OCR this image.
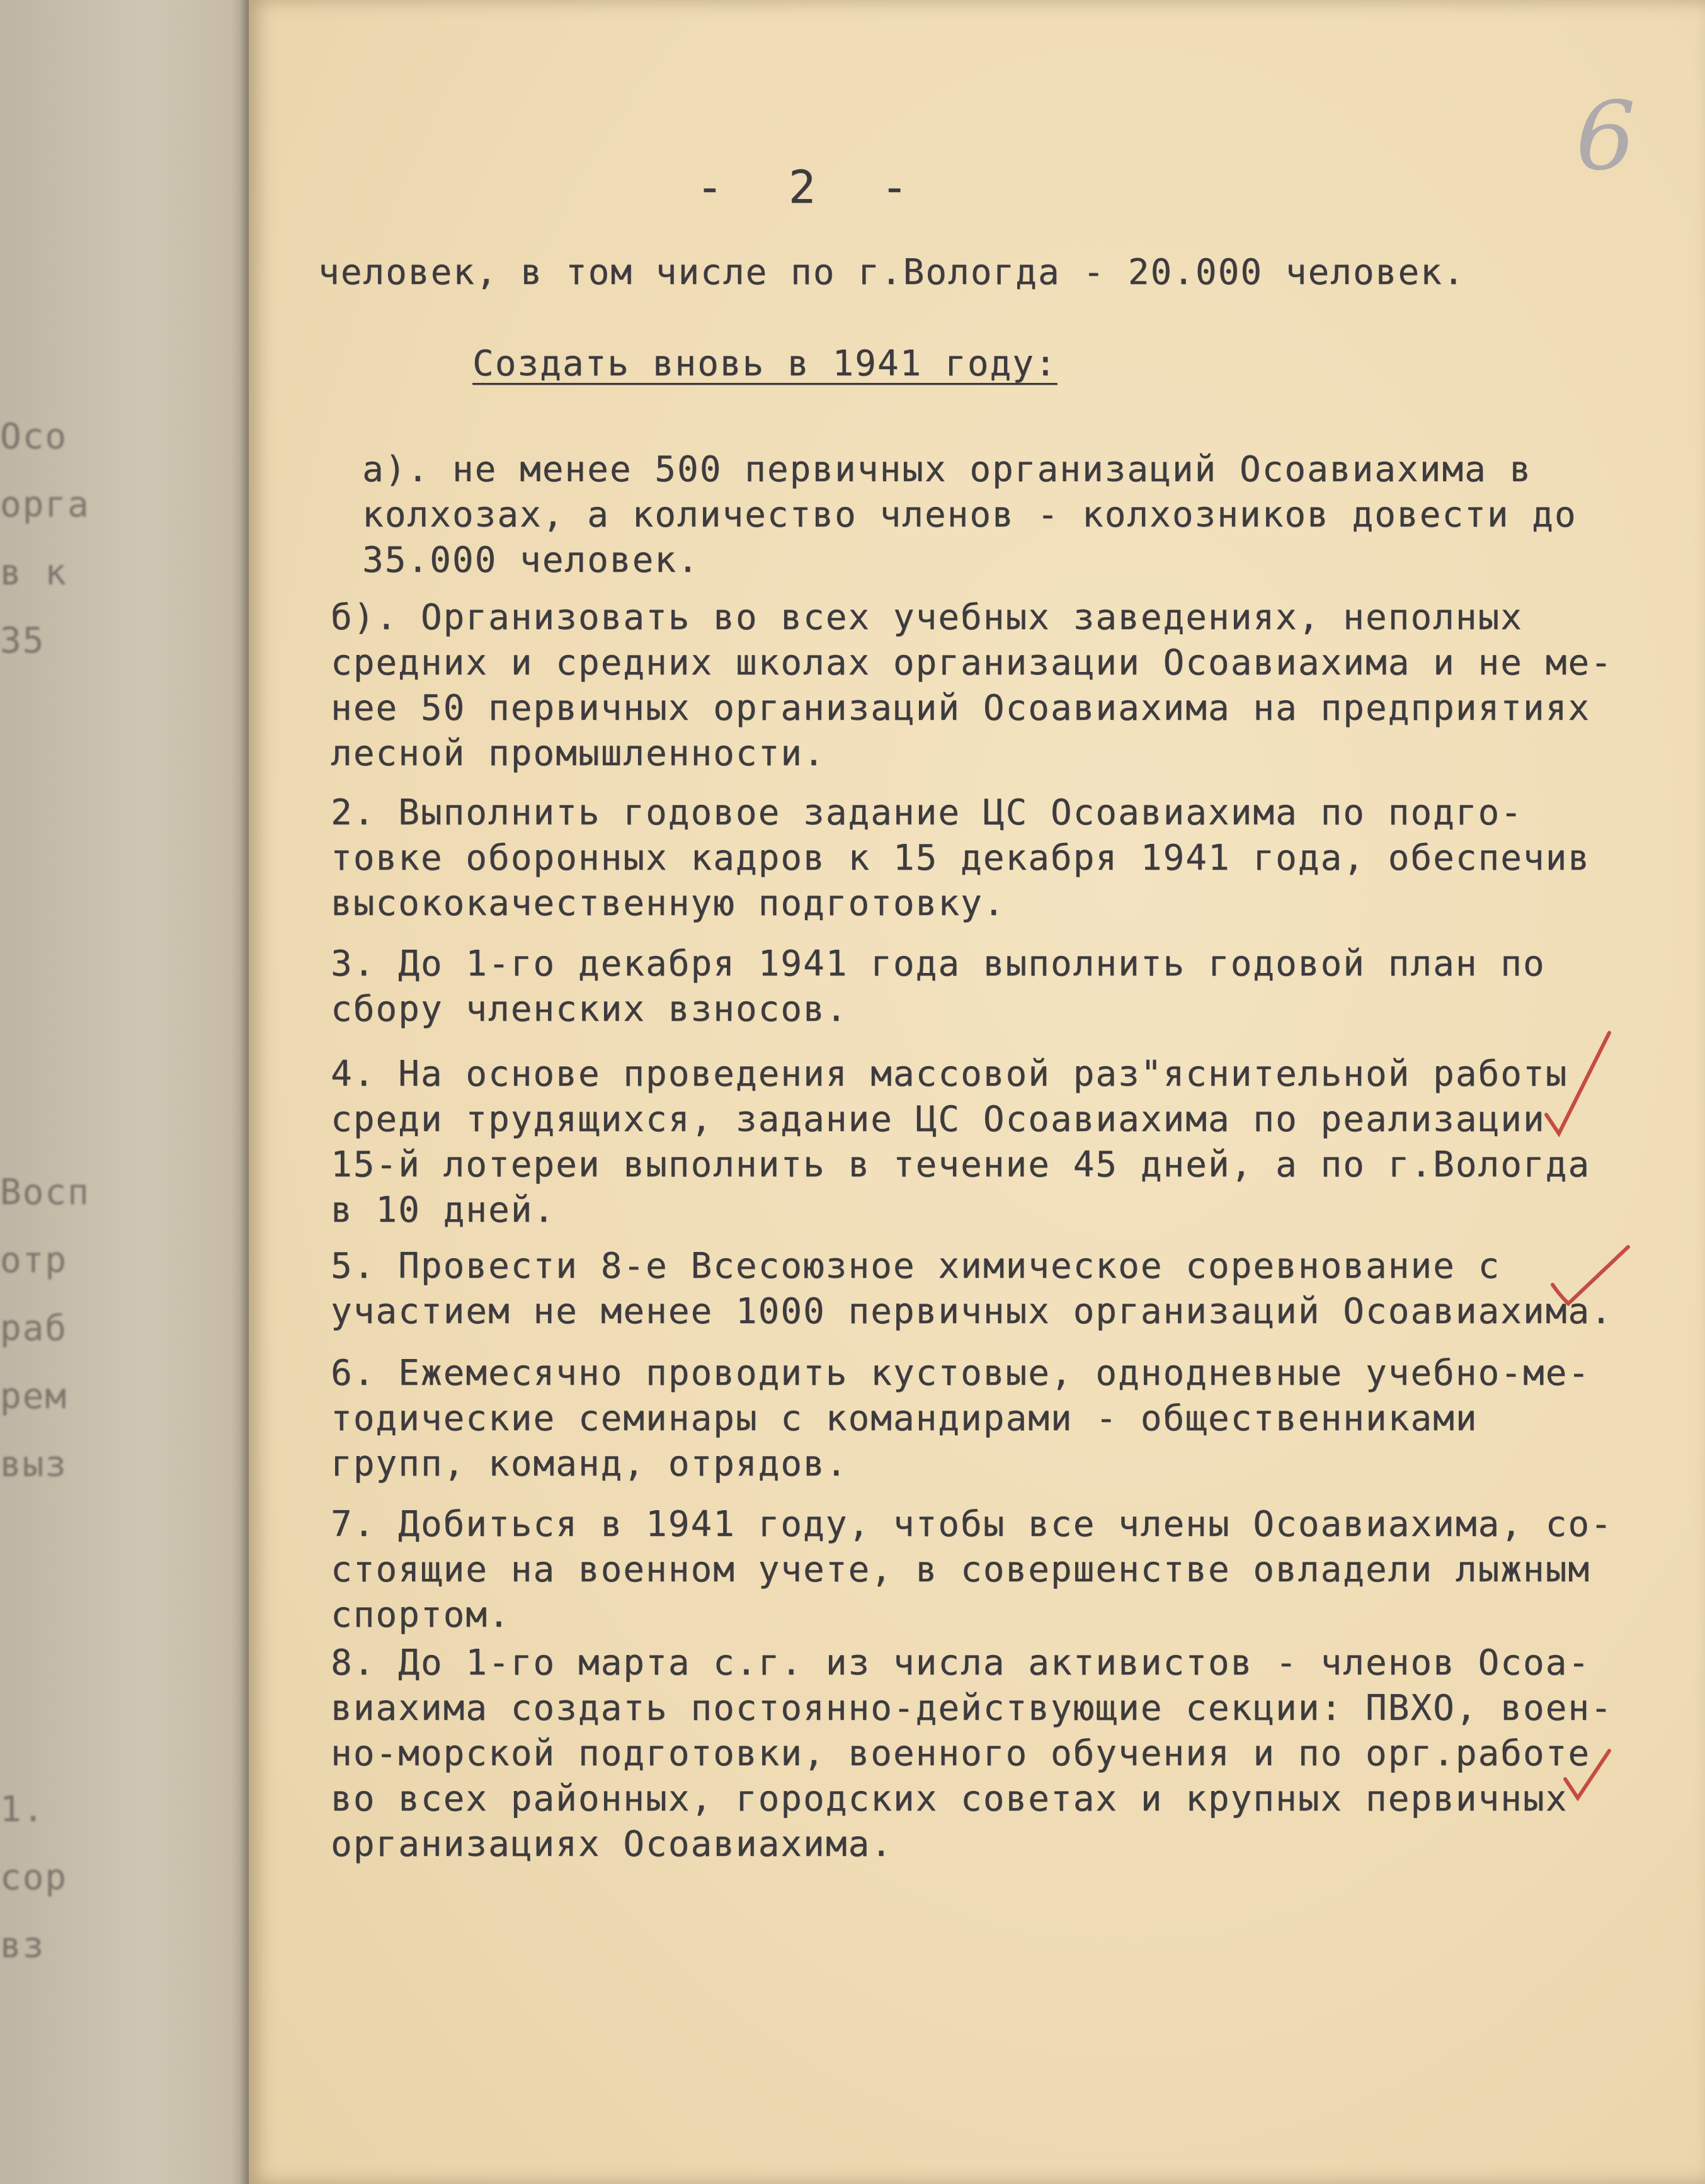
Осо
орга
в к
35
Восп
отр
раб
рем
выз
1.
сор
вз
6
- 2 -
человек, в том числе по г.Вологда - 20.000 человек.
Создать вновь в 1941 году:
а). не менее 500 первичных организаций Осоавиахима в
колхозах, а количество членов - колхозников довести до
35.000 человек.
б). Организовать во всех учебных заведениях, неполных
средних и средних школах организации Осоавиахима и не ме-
нее 50 первичных организаций Осоавиахима на предприятиях
лесной промышленности.
2. Выполнить годовое задание ЦС Осоавиахима по подго-
товке оборонных кадров к 15 декабря 1941 года, обеспечив
высококачественную подготовку.
3. До 1-го декабря 1941 года выполнить годовой план по
сбору членских взносов.
4. На основе проведения массовой раз"яснительной работы
среди трудящихся, задание ЦС Осоавиахима по реализации
15-й лотереи выполнить в течение 45 дней, а по г.Вологда
в 10 дней.
5. Провести 8-е Всесоюзное химическое соревнование с
участием не менее 1000 первичных организаций Осоавиахима.
6. Ежемесячно проводить кустовые, однодневные учебно-ме-
тодические семинары с командирами - общественниками
групп, команд, отрядов.
7. Добиться в 1941 году, чтобы все члены Осоавиахима, со-
стоящие на военном учете, в совершенстве овладели лыжным
спортом.
8. До 1-го марта с.г. из числа активистов - членов Осоа-
виахима создать постоянно-действующие секции: ПВХО, воен-
но-морской подготовки, военного обучения и по орг.работе
во всех районных, городских советах и крупных первичных
организациях Осоавиахима.
